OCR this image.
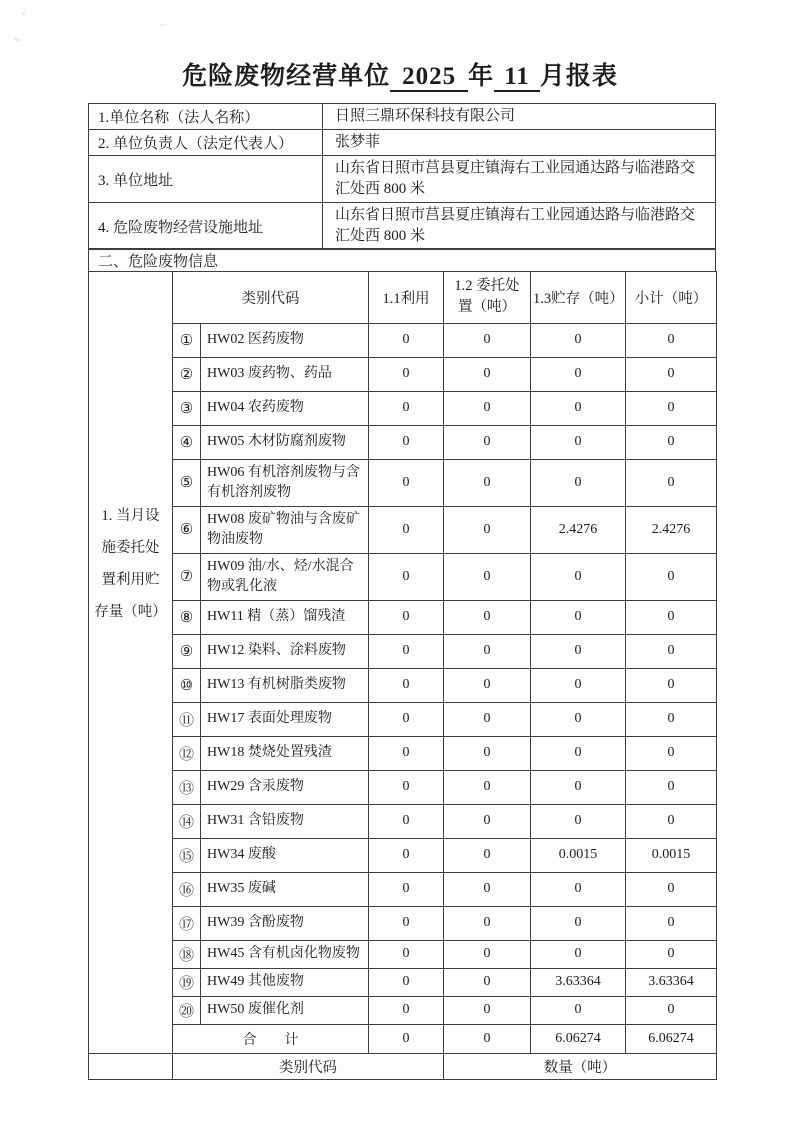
危险废物经营单位 2025 年 11 月报表
1.单位名称（法人名称）	日照三鼎环保科技有限公司
2. 单位负责人（法定代表人）	张梦菲
3. 单位地址	山东省日照市莒县夏庄镇海右工业园通达路与临港路交汇处西 800 米
4. 危险废物经营设施地址	山东省日照市莒县夏庄镇海右工业园通达路与临港路交汇处西 800 米
二、危险废物信息
1. 当月设
施委托处
置利用贮
存量（吨）	类别代码		1.1利用	1.2 委托处置（吨）	1.3贮存（吨）	小计（吨）
	①	HW02 医药废物	0	0	0	0
	②	HW03 废药物、药品	0	0	0	0
	③	HW04 农药废物	0	0	0	0
	④	HW05 木材防腐剂废物	0	0	0	0
	⑤	HW06 有机溶剂废物与含有机溶剂废物	0	0	0	0
	⑥	HW08 废矿物油与含废矿物油废物	0	0	2.4276	2.4276
	⑦	HW09 油/水、烃/水混合物或乳化液	0	0	0	0
	⑧	HW11 精（蒸）馏残渣	0	0	0	0
	⑨	HW12 染料、涂料废物	0	0	0	0
	⑩	HW13 有机树脂类废物	0	0	0	0
	⑪	HW17 表面处理废物	0	0	0	0
	⑫	HW18 焚烧处置残渣	0	0	0	0
	⑬	HW29 含汞废物	0	0	0	0
	⑭	HW31 含铅废物	0	0	0	0
	⑮	HW34 废酸	0	0	0.0015	0.0015
	⑯	HW35 废碱	0	0	0	0
	⑰	HW39 含酚废物	0	0	0	0
	⑱	HW45 含有机卤化物废物	0	0	0	0
	⑲	HW49 其他废物	0	0	3.63364	3.63364
	⑳	HW50 废催化剂	0	0	0	0
	合　　计		0	0	6.06274	6.06274
	类别代码			数量（吨）		
